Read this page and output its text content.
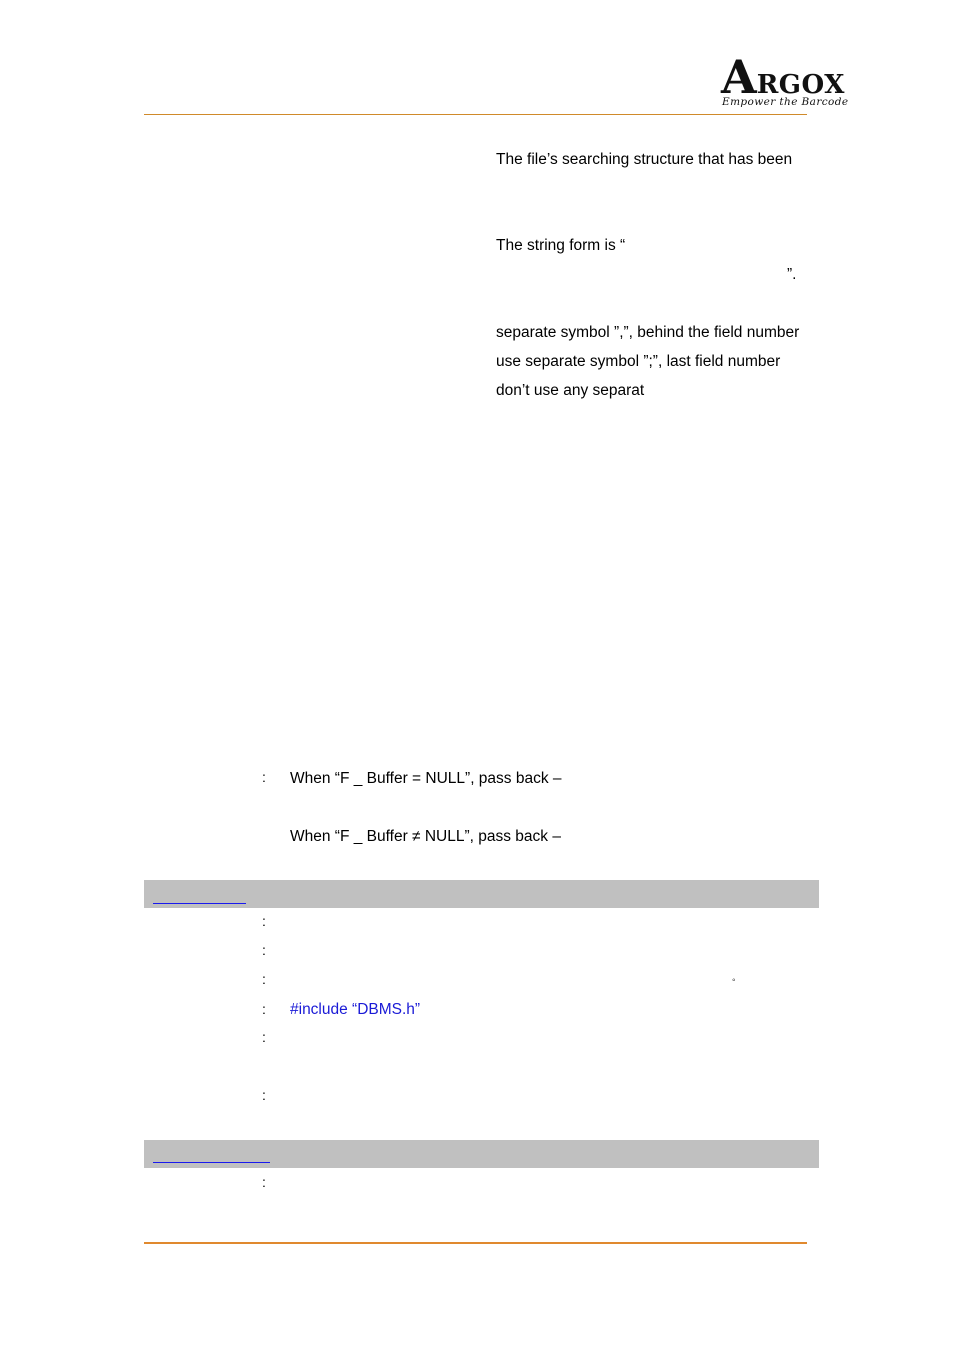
ARGOX
Empower the Barcode
The file’s searching structure that has been
The string form is “
”.
separate symbol ”,”, behind the field number
use separate symbol ”;”, last field number
don’t use any separat
: When “F _ Buffer = NULL”, pass back –
When “F _ Buffer ≠ NULL”, pass back –
:
:
:	◦
: #include “DBMS.h”
:
:
:
